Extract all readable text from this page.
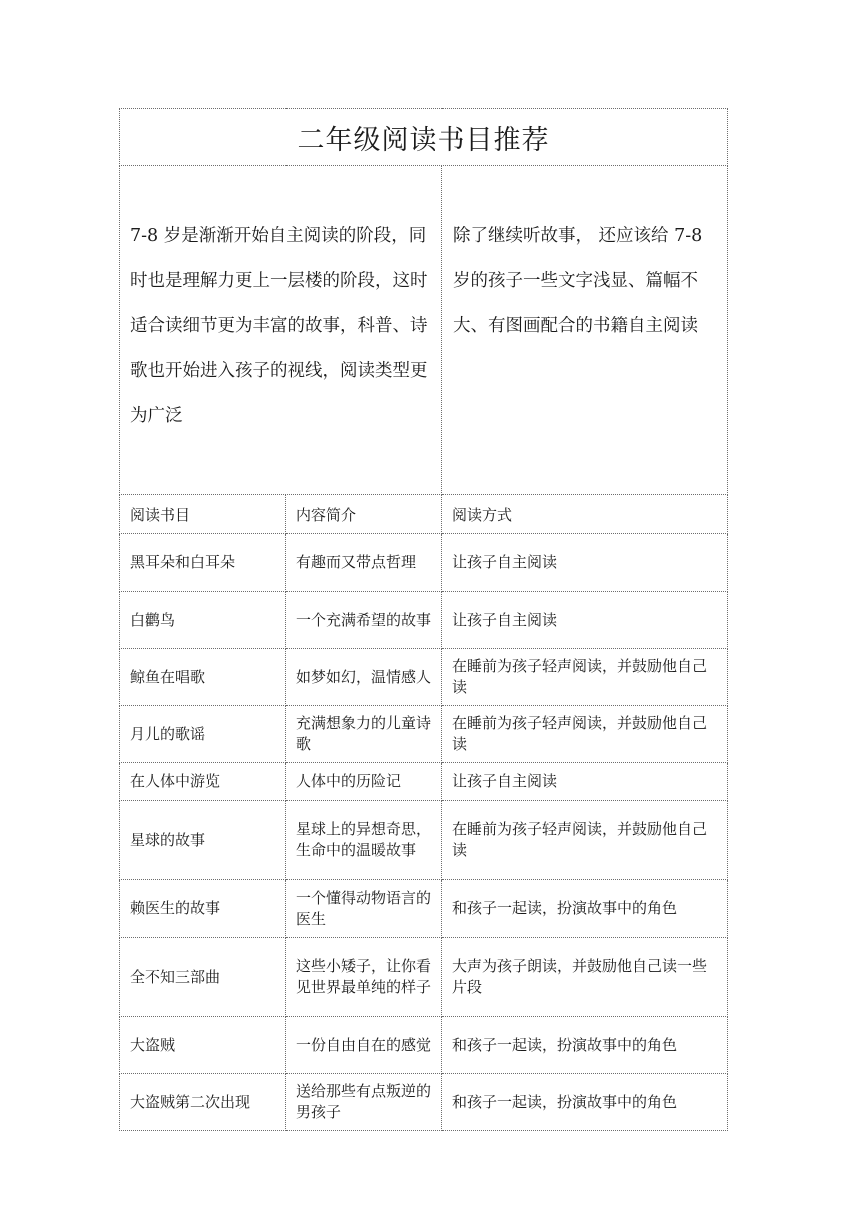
二年级阅读书目推荐		
7-8 岁是渐渐开始自主阅读的阶段，同时也是理解力更上一层楼的阶段，这时适合读细节更为丰富的故事，科普、诗歌也开始进入孩子的视线，阅读类型更为广泛		除了继续听故事， 还应该给 7-8 岁的孩子一些文字浅显、篇幅不大、有图画配合的书籍自主阅读
阅读书目	内容简介	阅读方式
黑耳朵和白耳朵	有趣而又带点哲理	让孩子自主阅读
白鹳鸟	一个充满希望的故事	让孩子自主阅读
鲸鱼在唱歌	如梦如幻，温情感人	在睡前为孩子轻声阅读，并鼓励他自己读
月儿的歌谣	充满想象力的儿童诗歌	在睡前为孩子轻声阅读，并鼓励他自己读
在人体中游览	人体中的历险记	让孩子自主阅读
星球的故事	星球上的异想奇思，生命中的温暖故事	在睡前为孩子轻声阅读，并鼓励他自己读
赖医生的故事	一个懂得动物语言的医生	和孩子一起读，扮演故事中的角色
全不知三部曲	这些小矮子，让你看见世界最单纯的样子	大声为孩子朗读，并鼓励他自己读一些片段
大盗贼	一份自由自在的感觉	和孩子一起读，扮演故事中的角色
大盗贼第二次出现	送给那些有点叛逆的男孩子	和孩子一起读，扮演故事中的角色
